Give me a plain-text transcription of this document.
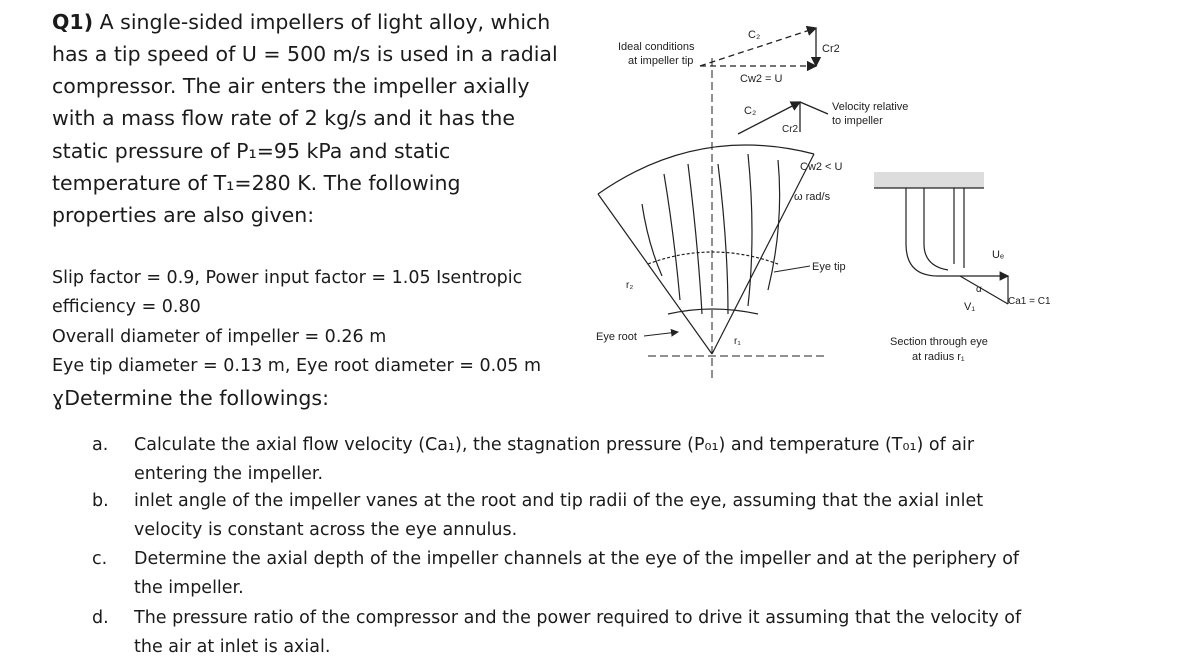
Q1) A single-sided impellers of light alloy, which
has a tip speed of U = 500 m/s is used in a radial
compressor. The air enters the impeller axially
with a mass flow rate of 2 kg/s and it has the
static pressure of P₁=95 kPa and static
temperature of T₁=280 K. The following
properties are also given:
Slip factor = 0.9, Power input factor = 1.05 Isentropic
efficiency = 0.80
Overall diameter of impeller = 0.26 m
Eye tip diameter = 0.13 m, Eye root diameter = 0.05 m
ɣDetermine the followings:
a.	Calculate the axial flow velocity (Ca₁), the stagnation pressure (P₀₁) and temperature (T₀₁) of air
entering the impeller.
b.	inlet angle of the impeller vanes at the root and tip radii of the eye, assuming that the axial inlet
velocity is constant across the eye annulus.
c.	Determine the axial depth of the impeller channels at the eye of the impeller and at the periphery of
the impeller.
d.	The pressure ratio of the compressor and the power required to drive it assuming that the velocity of
the air at inlet is axial.
Ideal conditions
at impeller tip
C₂
Cr2
Cw2 = U
C₂
Cr2
Velocity relative
to impeller
Cw2 < U
ω rad/s
Eye tip
r₂
r₁
Eye root
Uₑ
α
V₁	Ca1 = C1
Section through eye
at radius r₁
